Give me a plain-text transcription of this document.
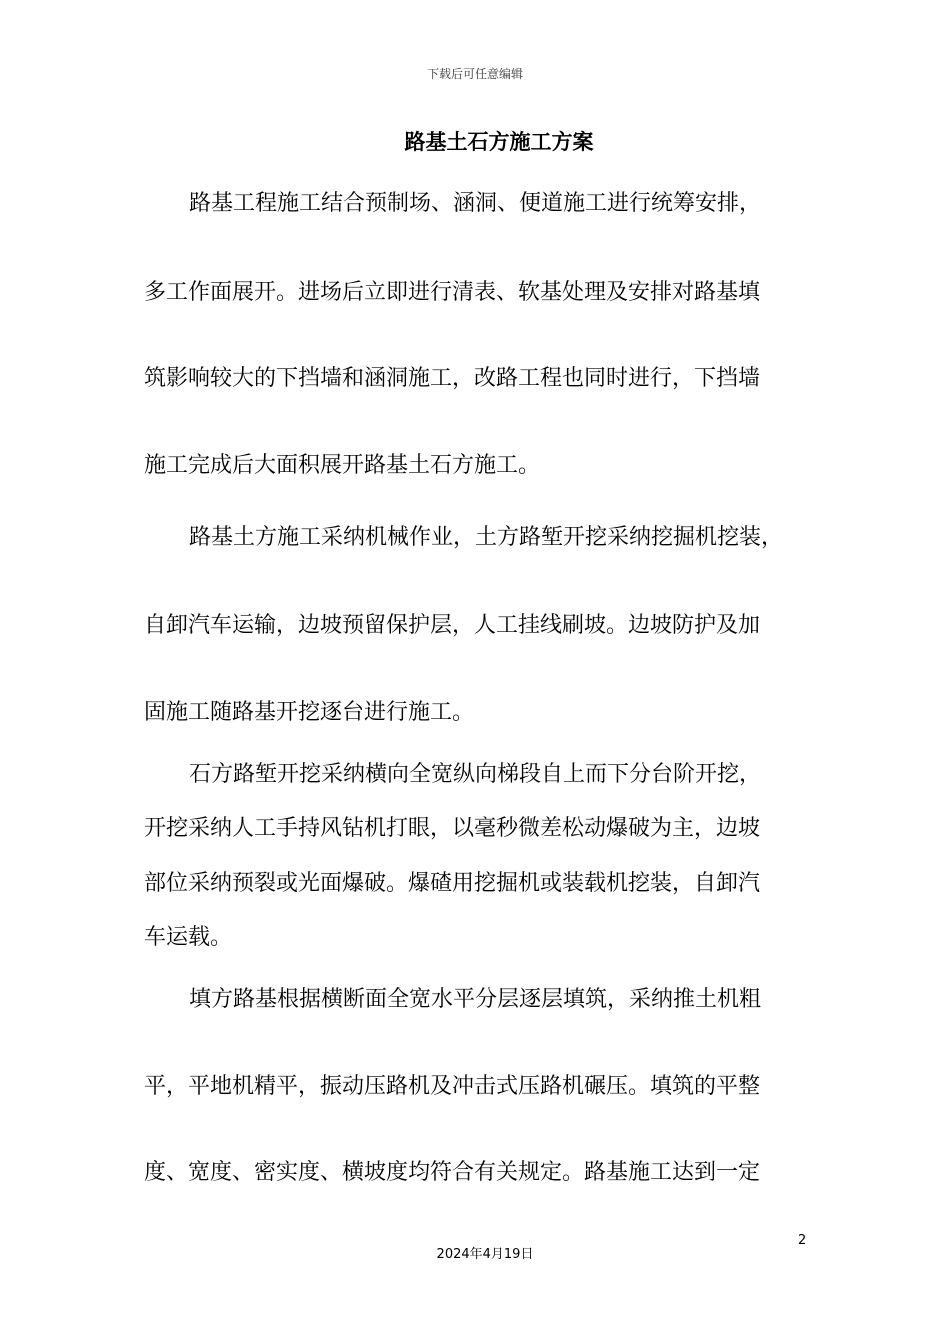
下载后可任意编辑
路基土石方施工方案
路基工程施工结合预制场、涵洞、便道施工进行统筹安排，
多工作面展开。进场后立即进行清表、软基处理及安排对路基填
筑影响较大的下挡墙和涵洞施工，改路工程也同时进行，下挡墙
施工完成后大面积展开路基土石方施工。
路基土方施工采纳机械作业，土方路堑开挖采纳挖掘机挖装，
自卸汽车运输，边坡预留保护层，人工挂线刷坡。边坡防护及加
固施工随路基开挖逐台进行施工。
石方路堑开挖采纳横向全宽纵向梯段自上而下分台阶开挖，
开挖采纳人工手持风钻机打眼，以毫秒微差松动爆破为主，边坡
部位采纳预裂或光面爆破。爆碴用挖掘机或装载机挖装，自卸汽
车运载。
填方路基根据横断面全宽水平分层逐层填筑，采纳推土机粗
平，平地机精平，振动压路机及冲击式压路机碾压。填筑的平整
度、宽度、密实度、横坡度均符合有关规定。路基施工达到一定
2
2024年4月19日
